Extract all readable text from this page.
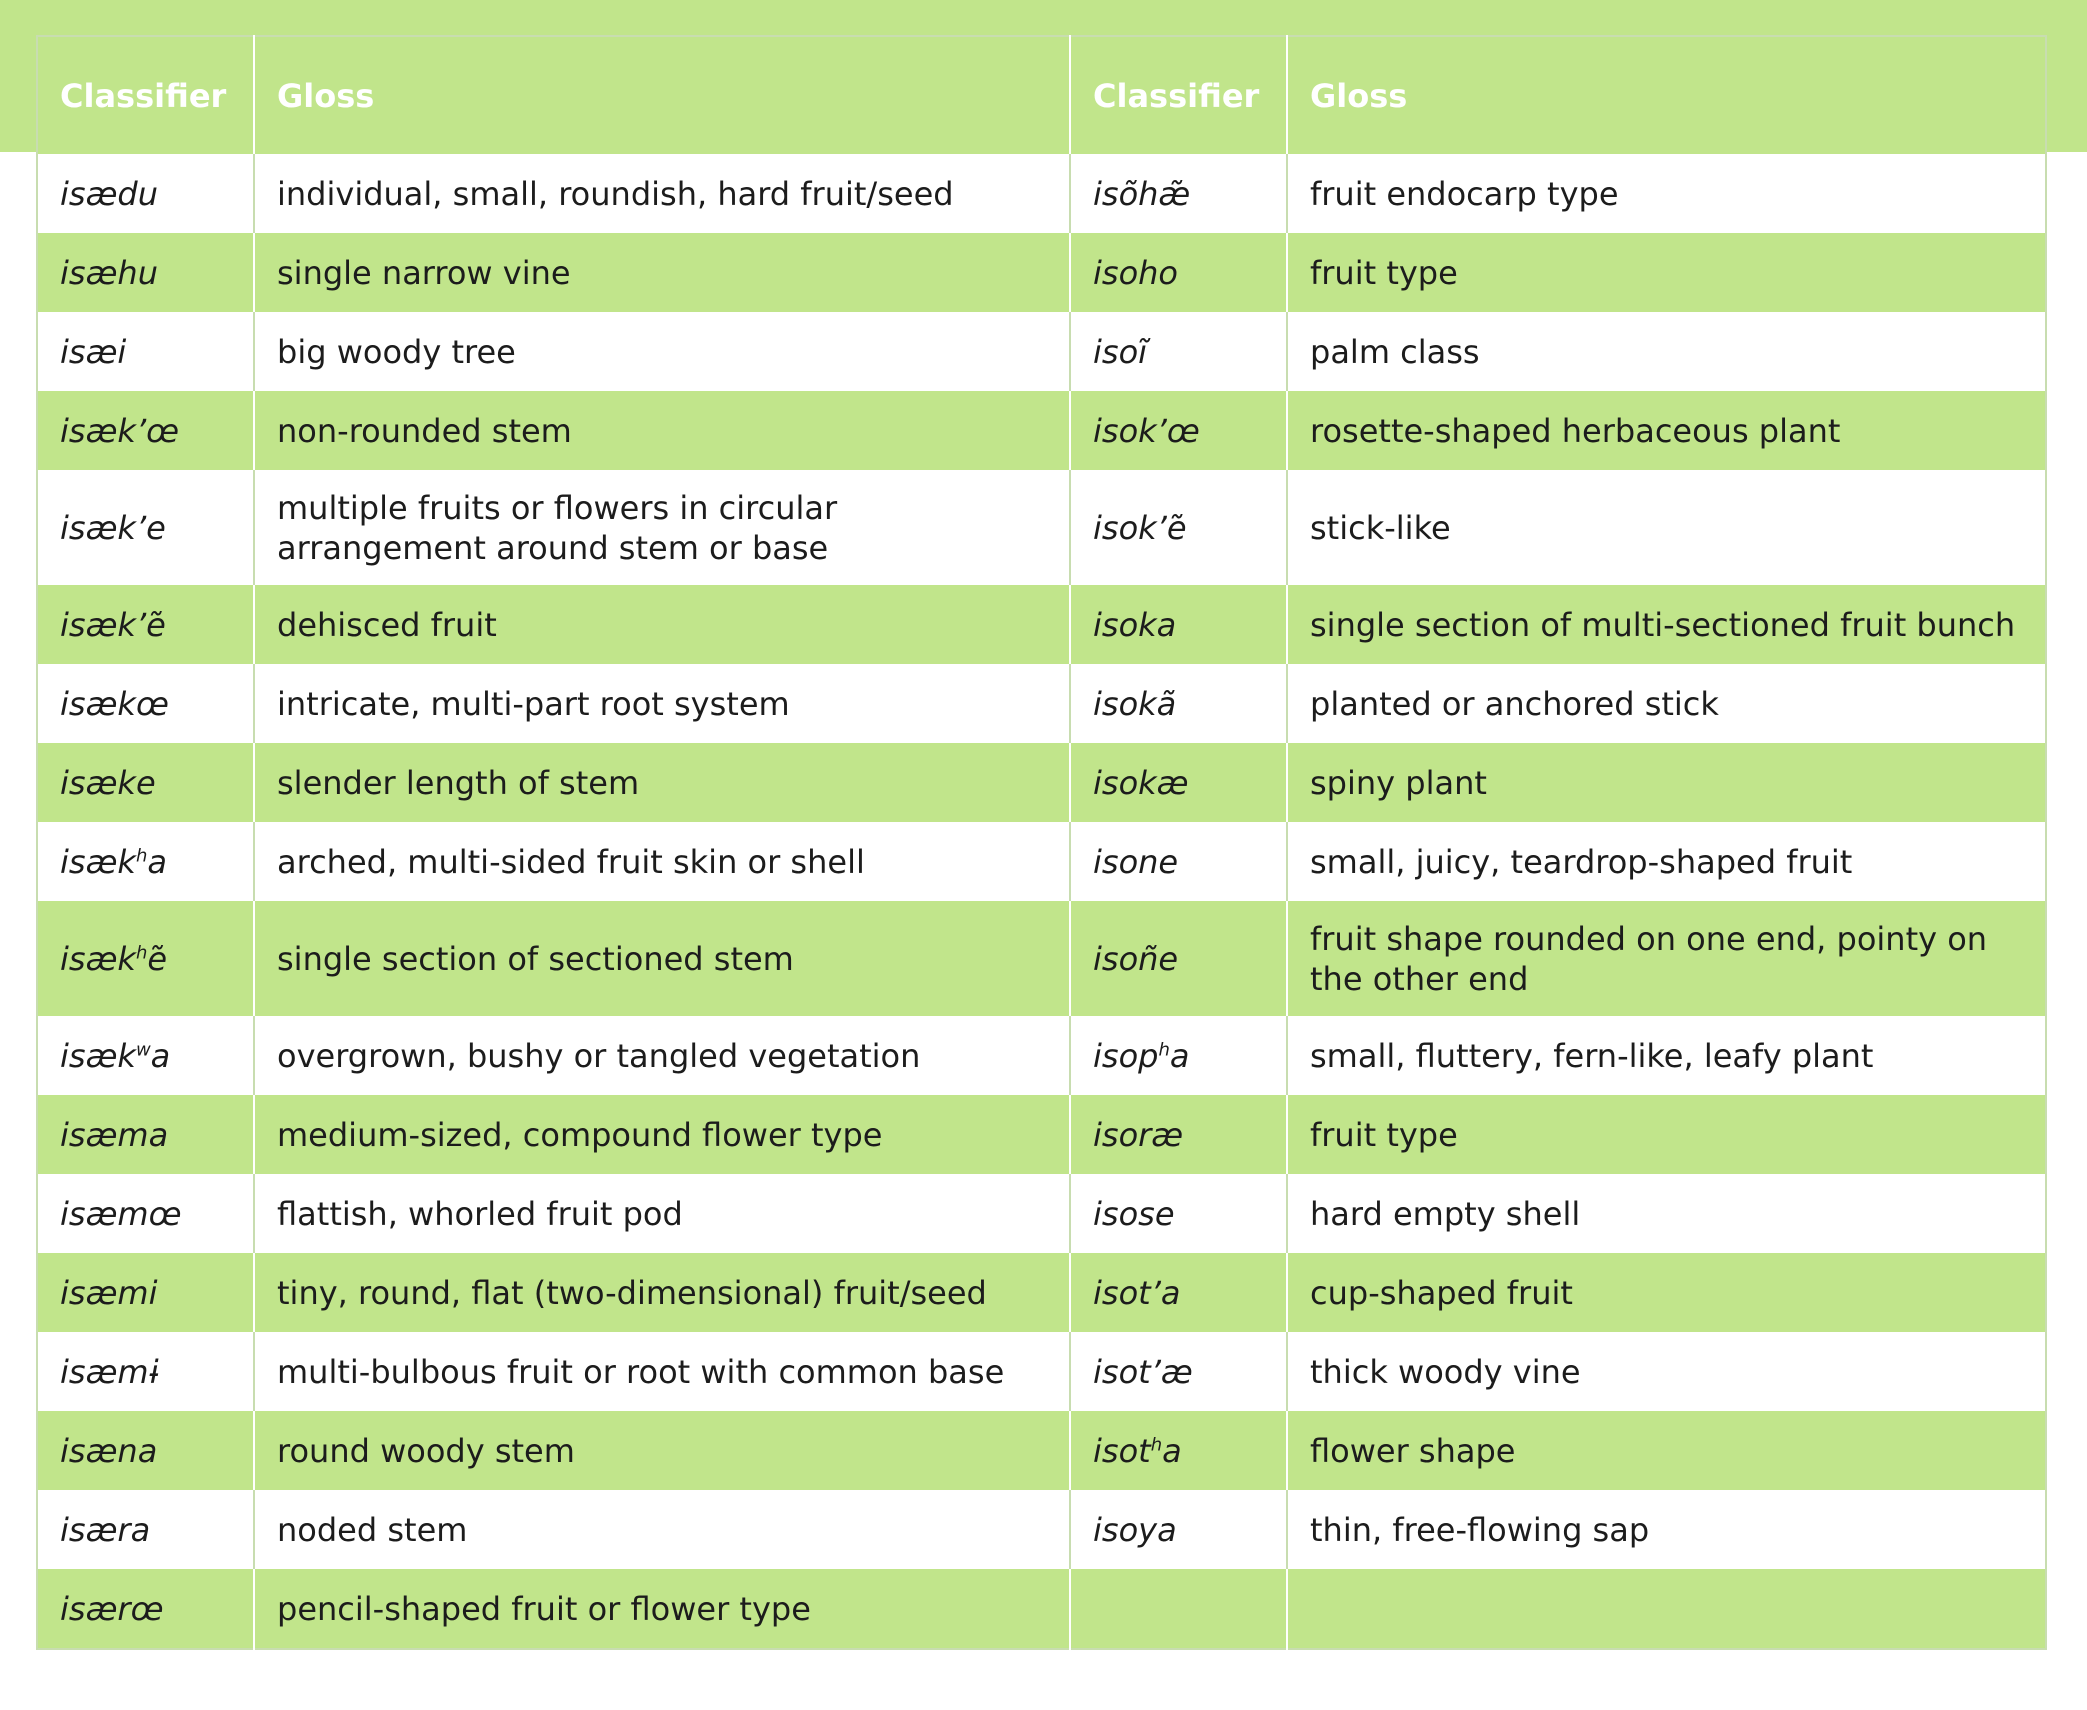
Classifier	Gloss	Classifier	Gloss
isædu	individual, small, roundish, hard fruit/seed	isõhæ̃	fruit endocarp type
isæhu	single narrow vine	isoho	fruit type
isæi	big woody tree	isoĩ	palm class
isæk’œ	non-rounded stem	isok’œ	rosette-shaped herbaceous plant
isæk’e	multiple fruits or flowers in circular arrangement around stem or base	isok’ẽ	stick-like
isæk’ẽ	dehisced fruit	isoka	single section of multi-sectioned fruit bunch
isækœ	intricate, multi-part root system	isokã	planted or anchored stick
isæke	slender length of stem	isokæ	spiny plant
isæk$^h$a	arched, multi-sided fruit skin or shell	isone	small, juicy, teardrop-shaped fruit
isæk$^h$ẽ	single section of sectioned stem	isoñe	fruit shape rounded on one end, pointy on the other end
isæk$^w$a	overgrown, bushy or tangled vegetation	isop$^h$a	small, fluttery, fern-like, leafy plant
isæma	medium-sized, compound flower type	isoræ	fruit type
isæmœ	flattish, whorled fruit pod	isose	hard empty shell
isæmi	tiny, round, flat (two-dimensional) fruit/seed	isot’a	cup-shaped fruit
isæmɨ	multi-bulbous fruit or root with common base	isot’æ	thick woody vine
isæna	round woody stem	isot$^h$a	flower shape
isæra	noded stem	isoya	thin, free-flowing sap
isærœ	pencil-shaped fruit or flower type		
